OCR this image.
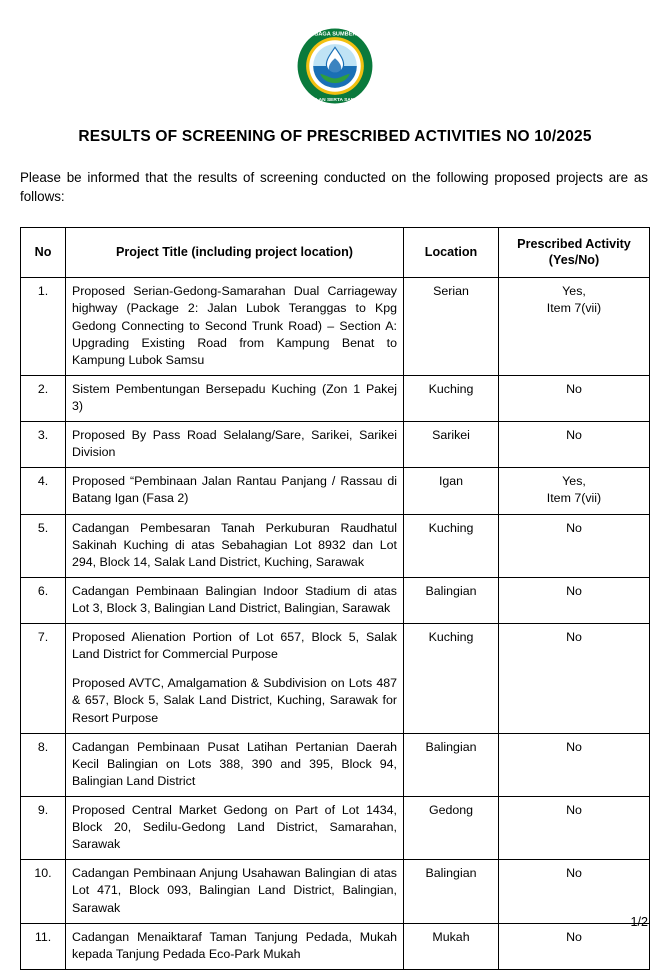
LEMBAGA SUMBER AIR
KAWALAN SERTA SARAWAK
RESULTS OF SCREENING OF PRESCRIBED ACTIVITIES NO 10/2025

Please be informed that the results of screening conducted on the following proposed projects are as follows:

No	Project Title (including project location)	Location	Prescribed Activity (Yes/No)
1.	Proposed Serian-Gedong-Samarahan Dual Carriageway highway (Package 2: Jalan Lubok Teranggas to Kpg Gedong Connecting to Second Trunk Road) – Section A: Upgrading Existing Road from Kampung Benat to Kampung Lubok Samsu	Serian	Yes,
Item 7(vii)

2.	Sistem Pembentungan Bersepadu Kuching (Zon 1 Pakej 3)	Kuching	No

3.	Proposed By Pass Road Selalang/Sare, Sarikei, Sarikei Division	Sarikei	No

4.	Proposed “Pembinaan Jalan Rantau Panjang / Rassau di Batang Igan (Fasa 2)	Igan	Yes,
Item 7(vii)

5.	Cadangan Pembesaran Tanah Perkuburan Raudhatul Sakinah Kuching di atas Sebahagian Lot 8932 dan Lot 294, Block 14, Salak Land District, Kuching, Sarawak	Kuching	No

6.	Cadangan Pembinaan Balingian Indoor Stadium di atas Lot 3, Block 3, Balingian Land District, Balingian, Sarawak	Balingian	No

7.	Proposed Alienation Portion of Lot 657, Block 5, Salak Land District for Commercial Purpose
Proposed AVTC, Amalgamation & Subdivision on Lots 487 & 657, Block 5, Salak Land District, Kuching, Sarawak for Resort Purpose	Kuching	No

8.	Cadangan Pembinaan Pusat Latihan Pertanian Daerah Kecil Balingian on Lots 388, 390 and 395, Block 94, Balingian Land District	Balingian	No

9.	Proposed Central Market Gedong on Part of Lot 1434, Block 20, Sedilu-Gedong Land District, Samarahan, Sarawak	Gedong	No

10.	Cadangan Pembinaan Anjung Usahawan Balingian di atas Lot 471, Block 093, Balingian Land District, Balingian, Sarawak	Balingian	No

11.	Cadangan Menaiktaraf Taman Tanjung Pedada, Mukah kepada Tanjung Pedada Eco-Park Mukah	Mukah	No
1/2
